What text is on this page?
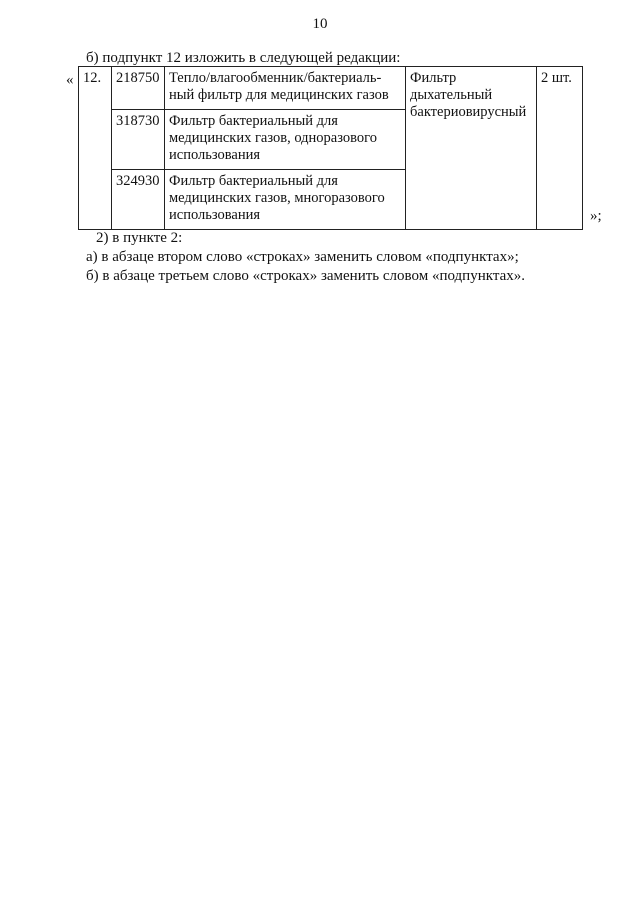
10
б) подпункт 12 изложить в следующей редакции:
« 12.	218750	Тепло/влагообменник/бактериаль-ный фильтр для медицинских газов	Фильтр дыхательный бактериовирусный	2 шт.
	318730	Фильтр бактериальный для медицинских газов, одноразового использования		
	324930	Фильтр бактериальный для медицинских газов, многоразового использования			»;
2) в пункте 2:
а) в абзаце втором слово «строках» заменить словом «подпунктах»;
б) в абзаце третьем слово «строках» заменить словом «подпунктах».
